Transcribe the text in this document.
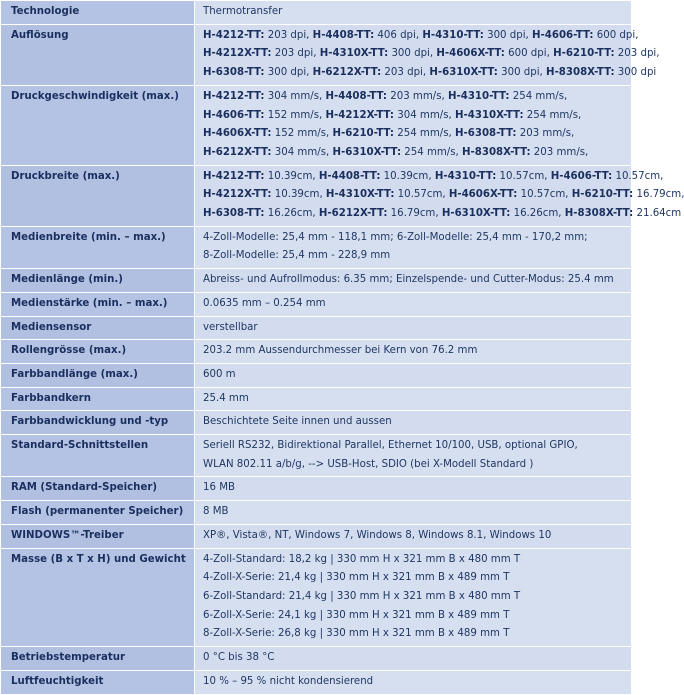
Technologie	Thermotransfer

Auflösung	H-4212-TT: 203 dpi, H-4408-TT: 406 dpi, H-4310-TT: 300 dpi, H-4606-TT: 600 dpi,
H-4212X-TT: 203 dpi, H-4310X-TT: 300 dpi, H-4606X-TT: 600 dpi, H-6210-TT: 203 dpi,
H-6308-TT: 300 dpi, H-6212X-TT: 203 dpi, H-6310X-TT: 300 dpi, H-8308X-TT: 300 dpi

Druckgeschwindigkeit (max.)	H-4212-TT: 304 mm/s, H-4408-TT: 203 mm/s, H-4310-TT: 254 mm/s,
H-4606-TT: 152 mm/s, H-4212X-TT: 304 mm/s, H-4310X-TT: 254 mm/s,
H-4606X-TT: 152 mm/s, H-6210-TT: 254 mm/s, H-6308-TT: 203 mm/s,
H-6212X-TT: 304 mm/s, H-6310X-TT: 254 mm/s, H-8308X-TT: 203 mm/s,

Druckbreite (max.)	H-4212-TT: 10.39cm, H-4408-TT: 10.39cm, H-4310-TT: 10.57cm, H-4606-TT: 10.57cm,
H-4212X-TT: 10.39cm, H-4310X-TT: 10.57cm, H-4606X-TT: 10.57cm, H-6210-TT: 16.79cm,
H-6308-TT: 16.26cm, H-6212X-TT: 16.79cm, H-6310X-TT: 16.26cm, H-8308X-TT: 21.64cm

Medienbreite (min. – max.)	4-Zoll-Modelle: 25,4 mm - 118,1 mm; 6-Zoll-Modelle: 25,4 mm - 170,2 mm;
8-Zoll-Modelle: 25,4 mm - 228,9 mm

Medienlänge (min.)	Abreiss- und Aufrollmodus: 6.35 mm; Einzelspende- und Cutter-Modus: 25.4 mm

Medienstärke (min. – max.)	0.0635 mm – 0.254 mm

Mediensensor	verstellbar

Rollengrösse (max.)	203.2 mm Aussendurchmesser bei Kern von 76.2 mm

Farbbandlänge (max.)	600 m

Farbbandkern	25.4 mm

Farbbandwicklung und -typ	Beschichtete Seite innen und aussen

Standard-Schnittstellen	Seriell RS232, Bidirektional Parallel, Ethernet 10/100, USB, optional GPIO,
WLAN 802.11 a/b/g, --> USB-Host, SDIO (bei X-Modell Standard )

RAM (Standard-Speicher)	16 MB

Flash (permanenter Speicher)	8 MB

WINDOWS™-Treiber	XP®, Vista®, NT, Windows 7, Windows 8, Windows 8.1, Windows 10

Masse (B x T x H) und Gewicht	4-Zoll-Standard: 18,2 kg | 330 mm H x 321 mm B x 480 mm T
4-Zoll-X-Serie: 21,4 kg | 330 mm H x 321 mm B x 489 mm T
6-Zoll-Standard: 21,4 kg | 330 mm H x 321 mm B x 480 mm T
6-Zoll-X-Serie: 24,1 kg | 330 mm H x 321 mm B x 489 mm T
8-Zoll-X-Serie: 26,8 kg | 330 mm H x 321 mm B x 489 mm T

Betriebstemperatur	0 °C bis 38 °C

Luftfeuchtigkeit	10 % – 95 % nicht kondensierend
